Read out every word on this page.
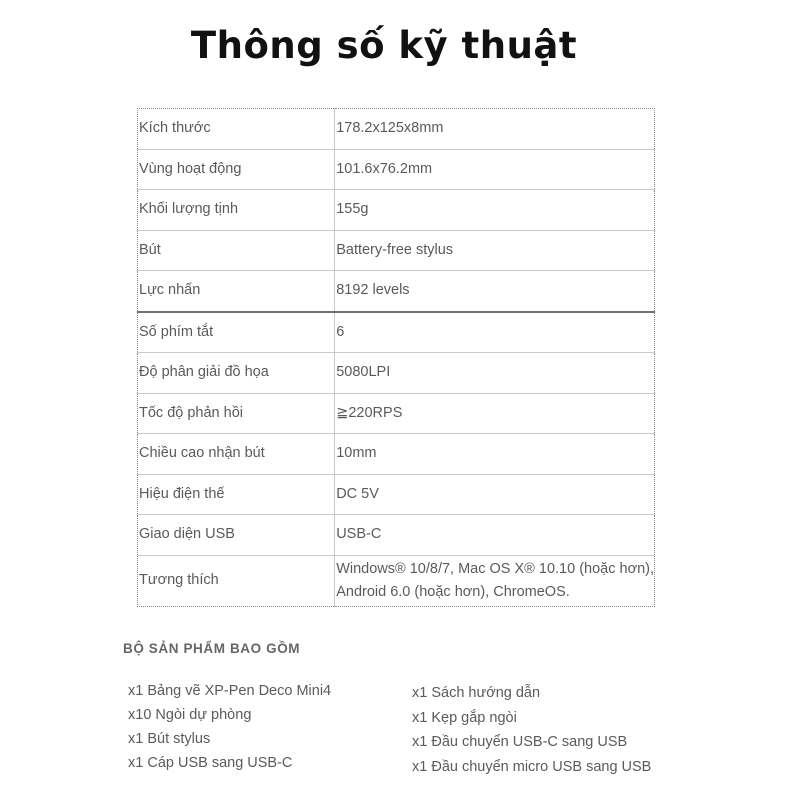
Thông số kỹ thuật
Kích thước	178.2x125x8mm
Vùng hoạt động	101.6x76.2mm
Khối lượng tịnh	155g
Bút	Battery-free stylus
Lực nhấn	8192 levels
Số phím tắt	6
Độ phân giải đồ họa	5080LPI
Tốc độ phản hồi	≧220RPS
Chiều cao nhận bút	10mm
Hiệu điện thế	DC 5V
Giao diện USB	USB-C
Tương thích	Windows® 10/8/7, Mac OS X® 10.10 (hoặc hơn),
Android 6.0 (hoặc hơn), ChromeOS.
BỘ SẢN PHẨM BAO GỒM
x1 Bảng vẽ XP-Pen Deco Mini4
x10 Ngòi dự phòng
x1 Bút stylus
x1 Cáp USB sang USB-C
x1 Sách hướng dẫn
x1 Kẹp gắp ngòi
x1 Đầu chuyển USB-C sang USB
x1 Đầu chuyển micro USB sang USB
